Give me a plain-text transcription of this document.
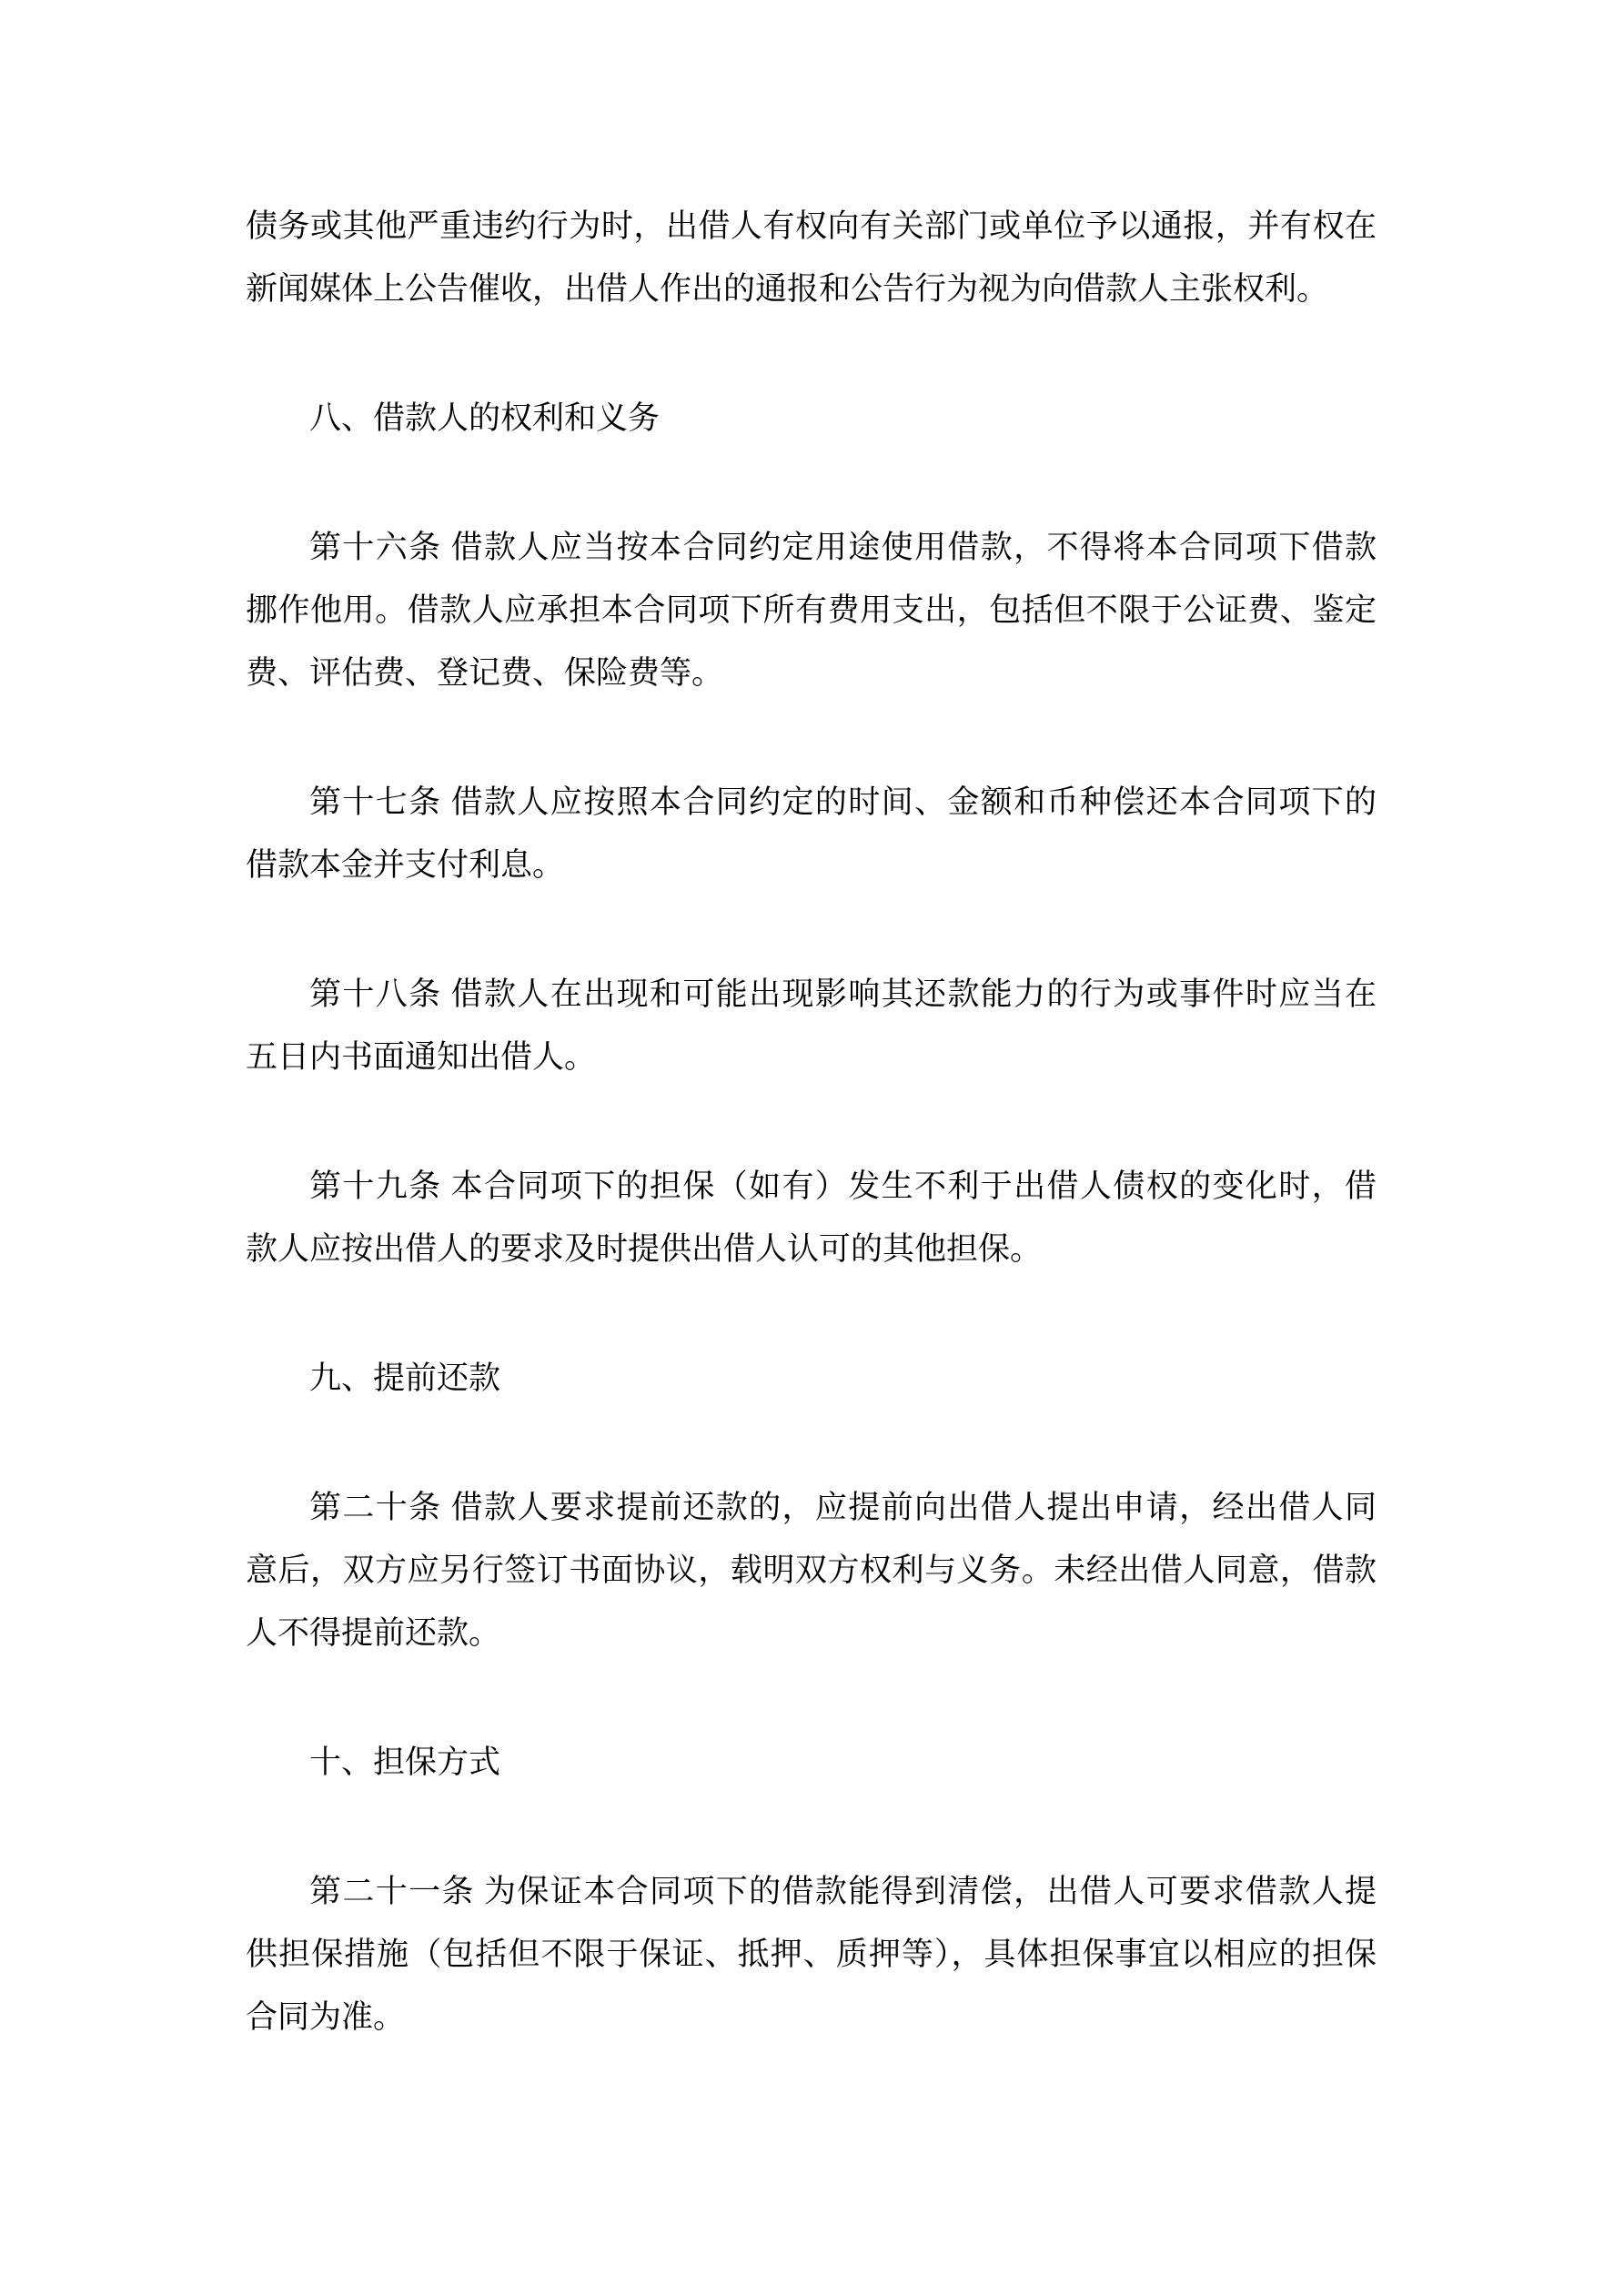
债务或其他严重违约行为时，出借人有权向有关部门或单位予以通报，并有权在
新闻媒体上公告催收，出借人作出的通报和公告行为视为向借款人主张权利。
八、借款人的权利和义务
第十六条 借款人应当按本合同约定用途使用借款，不得将本合同项下借款
挪作他用。借款人应承担本合同项下所有费用支出，包括但不限于公证费、鉴定
费、评估费、登记费、保险费等。
第十七条 借款人应按照本合同约定的时间、金额和币种偿还本合同项下的
借款本金并支付利息。
第十八条 借款人在出现和可能出现影响其还款能力的行为或事件时应当在
五日内书面通知出借人。
第十九条 本合同项下的担保（如有）发生不利于出借人债权的变化时，借
款人应按出借人的要求及时提供出借人认可的其他担保。
九、提前还款
第二十条 借款人要求提前还款的，应提前向出借人提出申请，经出借人同
意后，双方应另行签订书面协议，载明双方权利与义务。未经出借人同意，借款
人不得提前还款。
十、担保方式
第二十一条 为保证本合同项下的借款能得到清偿，出借人可要求借款人提
供担保措施（包括但不限于保证、抵押、质押等），具体担保事宜以相应的担保
合同为准。
